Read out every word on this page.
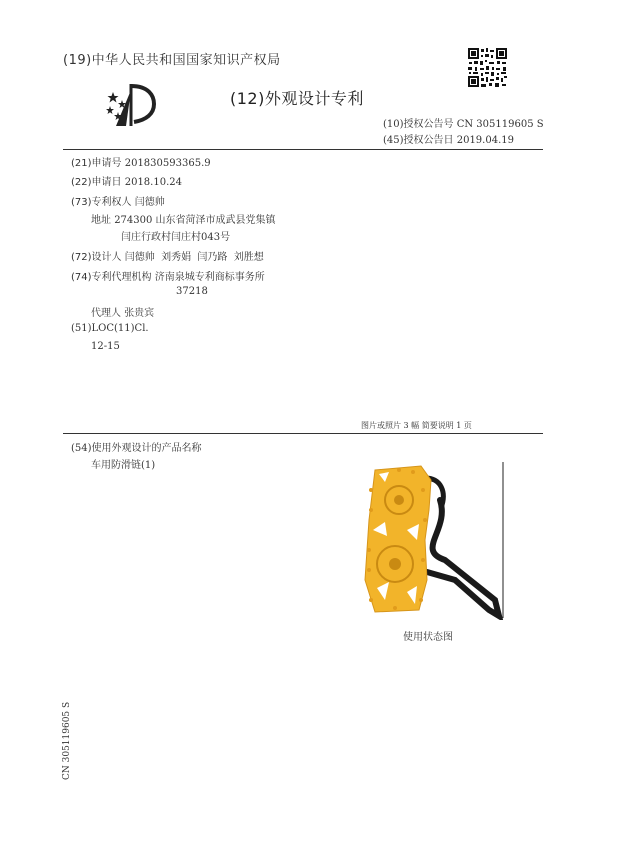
(19)中华人民共和国国家知识产权局
(12)外观设计专利
(10)授权公告号 CN 305119605 S
(45)授权公告日 2019.04.19
(21)申请号 201830593365.9
(22)申请日 2018.10.24
(73)专利权人 闫德帅
地址 274300 山东省菏泽市成武县党集镇
闫庄行政村闫庄村043号
(72)设计人 闫德帅  刘秀娟  闫乃路  刘胜想
(74)专利代理机构 济南泉城专利商标事务所
37218
代理人 张贵宾
(51)LOC(11)Cl.
12-15
图片或照片 3 幅 简要说明 1 页
(54)使用外观设计的产品名称
车用防滑链(1)
使用状态图
CN 305119605 S
